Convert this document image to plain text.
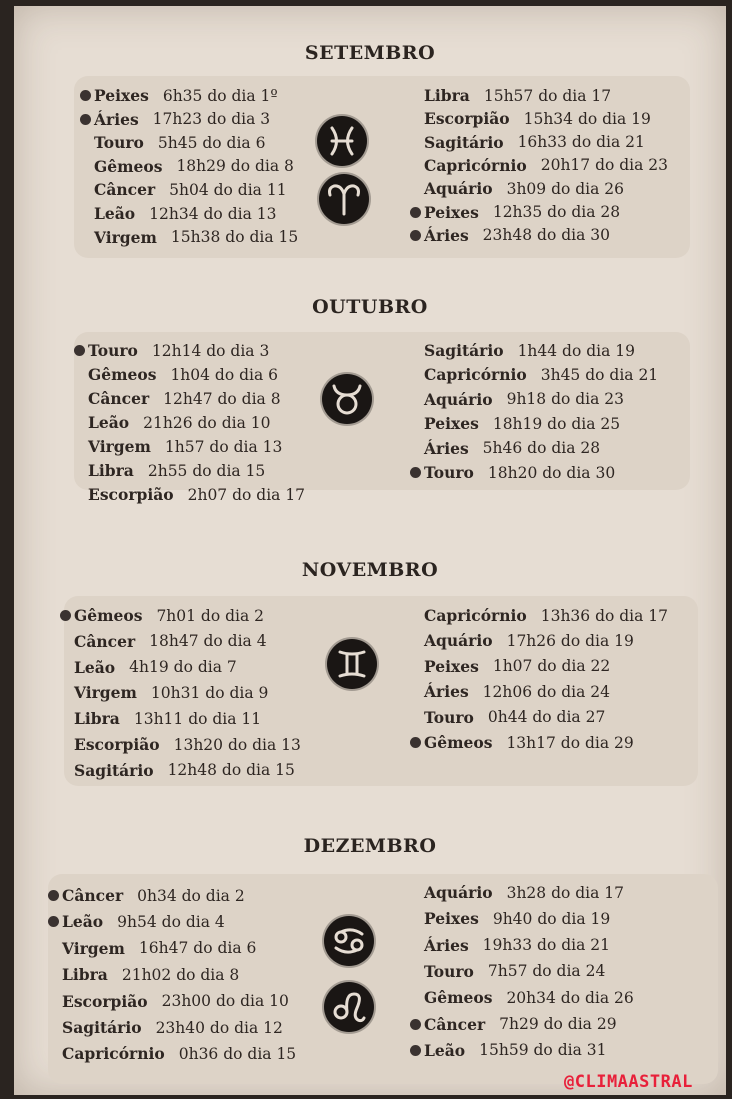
SETEMBRO
Peixes 6h35 do dia 1º
Áries 17h23 do dia 3
Touro 5h45 do dia 6
Gêmeos 18h29 do dia 8
Câncer 5h04 do dia 11
Leão 12h34 do dia 13
Virgem 15h38 do dia 15
Libra 15h57 do dia 17
Escorpião 15h34 do dia 19
Sagitário 16h33 do dia 21
Capricórnio 20h17 do dia 23
Aquário 3h09 do dia 26
Peixes 12h35 do dia 28
Áries 23h48 do dia 30
OUTUBRO
Touro 12h14 do dia 3
Gêmeos 1h04 do dia 6
Câncer 12h47 do dia 8
Leão 21h26 do dia 10
Virgem 1h57 do dia 13
Libra 2h55 do dia 15
Escorpião 2h07 do dia 17
Sagitário 1h44 do dia 19
Capricórnio 3h45 do dia 21
Aquário 9h18 do dia 23
Peixes 18h19 do dia 25
Áries 5h46 do dia 28
Touro 18h20 do dia 30
NOVEMBRO
Gêmeos 7h01 do dia 2
Câncer 18h47 do dia 4
Leão 4h19 do dia 7
Virgem 10h31 do dia 9
Libra 13h11 do dia 11
Escorpião 13h20 do dia 13
Sagitário 12h48 do dia 15
Capricórnio 13h36 do dia 17
Aquário 17h26 do dia 19
Peixes 1h07 do dia 22
Áries 12h06 do dia 24
Touro 0h44 do dia 27
Gêmeos 13h17 do dia 29
DEZEMBRO
Câncer 0h34 do dia 2
Leão 9h54 do dia 4
Virgem 16h47 do dia 6
Libra 21h02 do dia 8
Escorpião 23h00 do dia 10
Sagitário 23h40 do dia 12
Capricórnio 0h36 do dia 15
Aquário 3h28 do dia 17
Peixes 9h40 do dia 19
Áries 19h33 do dia 21
Touro 7h57 do dia 24
Gêmeos 20h34 do dia 26
Câncer 7h29 do dia 29
Leão 15h59 do dia 31
@CLIMAASTRAL
